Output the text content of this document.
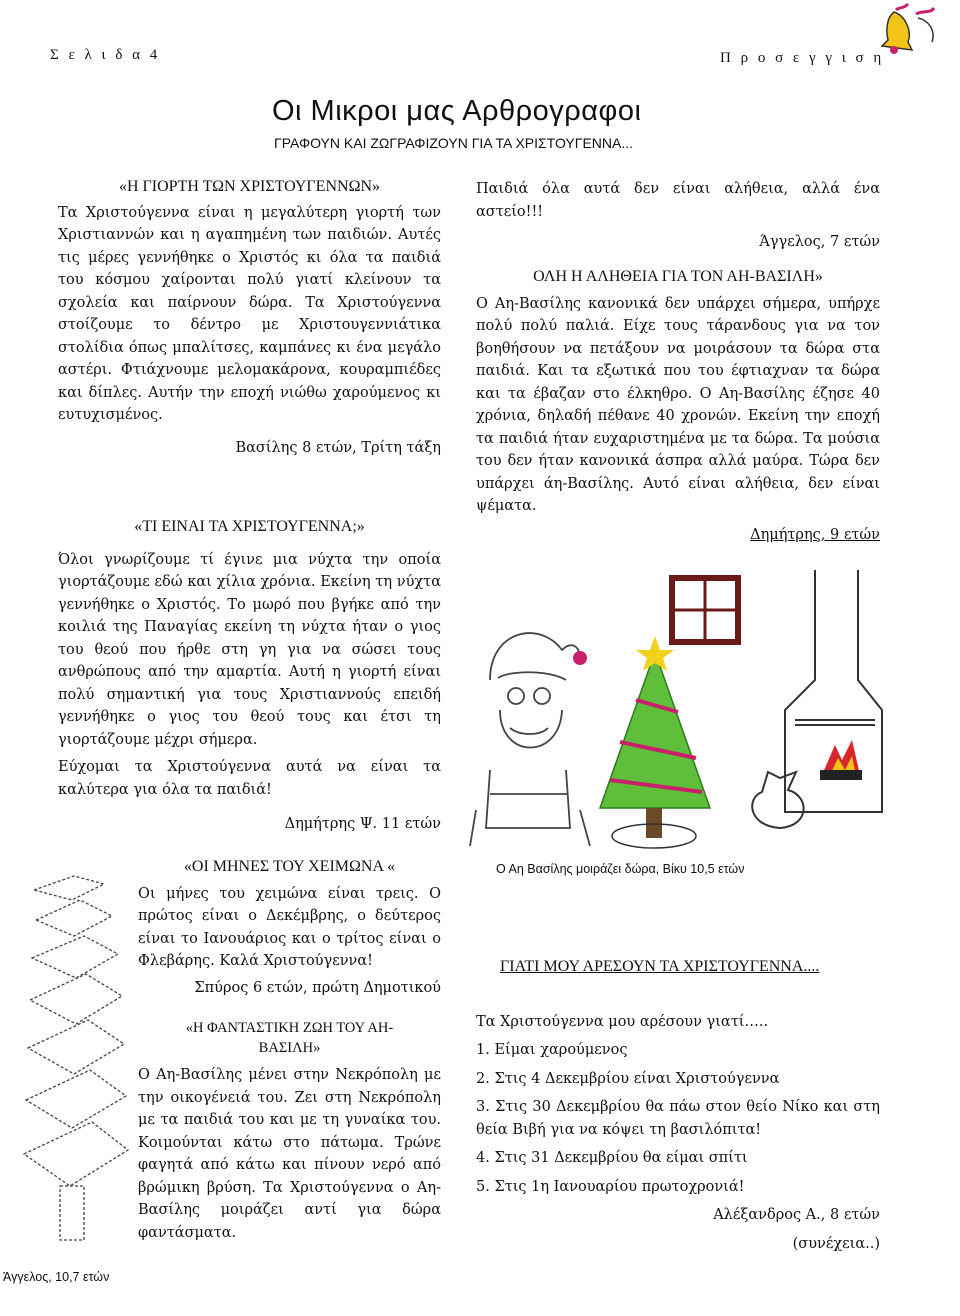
Σ ε λ ι δ α 4	Π ρ ο σ ε γ γ ι σ η
Οι Μικροι μας Αρθρογραφοι
ΓΡΑΦΟΥΝ ΚΑΙ ΖΩΓΡΑΦΙΖΟΥΝ ΓΙΑ ΤΑ ΧΡΙΣΤΟΥΓΕΝΝΑ...
«Η ΓΙΟΡΤΗ ΤΩΝ ΧΡΙΣΤΟΥΓΕΝΝΩΝ»

Τα Χριστούγεννα είναι η μεγαλύτερη γιορτή των Χριστιαννών και η αγαπημένη των παιδιών. Αυτές τις μέρες γεννήθηκε ο Χριστός κι όλα τα παιδιά του κόσμου χαίρονται πολύ γιατί κλείνουν τα σχολεία και παίρνουν δώρα. Τα Χριστούγεννα στοίζουμε το δέντρο με Χριστουγεννιάτικα στολίδια όπως μπαλίτσες, καμπάνες κι ένα μεγάλο αστέρι. Φτιάχνουμε μελομακάρονα, κουραμπιέδες και δίπλες. Αυτήν την εποχή νιώθω χαρούμενος κι ευτυχισμένος.

Βασίλης 8 ετών, Τρίτη τάξη

«ΤΙ ΕΙΝΑΙ ΤΑ ΧΡΙΣΤΟΥΓΕΝΝΑ;»

Όλοι γνωρίζουμε τί έγινε μια νύχτα την οποία γιορτάζουμε εδώ και χίλια χρόνια. Εκείνη τη νύχτα γεννήθηκε ο Χριστός. Το μωρό που βγήκε από την κοιλιά της Παναγίας εκείνη τη νύχτα ήταν ο γιος του θεού που ήρθε στη γη για να σώσει τους ανθρώπους από την αμαρτία. Αυτή η γιορτή είναι πολύ σημαντική για τους Χριστιαννούς επειδή γεννήθηκε ο γιος του θεού τους και έτσι τη γιορτάζουμε μέχρι σήμερα.

Εύχομαι τα Χριστούγεννα αυτά να είναι τα καλύτερα για όλα τα παιδιά!

Δημήτρης Ψ. 11 ετών

Άγγελος, 10,7 ετών
«ΟΙ ΜΗΝΕΣ ΤΟΥ ΧΕΙΜΩΝΑ «

Οι μήνες του χειμώνα είναι τρεις. Ο πρώτος είναι ο Δεκέμβρης, ο δεύτερος είναι το Ιανουάριος και ο τρίτος είναι ο Φλεβάρης. Καλά Χριστούγεννα!

Σπύρος 6 ετών, πρώτη Δημοτικού

«Η ΦΑΝΤΑΣΤΙΚΗ ΖΩΗ ΤΟΥ ΑΗ-
ΒΑΣΙΛΗ»

Ο Αη-Βασίλης μένει στην Νεκρόπολη με την οικογένειά του. Ζει στη Νεκρόπολη με τα παιδιά του και με τη γυναίκα του. Κοιμούνται κάτω στο πάτωμα. Τρώνε φαγητά από κάτω και πίνουν νερό από βρώμικη βρύση. Τα Χριστούγεννα ο Αη-Βασίλης μοιράζει αντί για δώρα φαντάσματα.

Παιδιά όλα αυτά δεν είναι αλήθεια, αλλά ένα αστείο!!!

Άγγελος, 7 ετών

ΟΛΗ Η ΑΛΗΘΕΙΑ ΓΙΑ ΤΟΝ ΑΗ-ΒΑΣΙΛΗ»

Ο Αη-Βασίλης κανονικά δεν υπάρχει σήμερα, υπήρχε πολύ πολύ παλιά. Είχε τους τάρανδους για να τον βοηθήσουν να πετάξουν να μοιράσουν τα δώρα στα παιδιά. Και τα εξωτικά που του έφτιαχναν τα δώρα και τα έβαζαν στο έλκηθρο. Ο Αη-Βασίλης έζησε 40 χρόνια, δηλαδή πέθανε 40 χρονών. Εκείνη την εποχή τα παιδιά ήταν ευχαριστημένα με τα δώρα. Τα μούσια του δεν ήταν κανονικά άσπρα αλλά μαύρα. Τώρα δεν υπάρχει άη-Βασίλης. Αυτό είναι αλήθεια, δεν είναι ψέματα.

Δημήτρης, 9 ετών

Ο Αη Βασίλης μοιράζει δώρα, Βίκυ 10,5 ετών
ΓΙΑΤΙ ΜΟΥ ΑΡΕΣΟΥΝ ΤΑ ΧΡΙΣΤΟΥΓΕΝΝΑ....

Τα Χριστούγεννα μου αρέσουν γιατί…..

1. Είμαι χαρούμενος

2. Στις 4 Δεκεμβρίου είναι Χριστούγεννα

3. Στις 30 Δεκεμβρίου θα πάω στον θείο Νίκο και στη θεία Βιβή για να κόψει τη βασιλόπιτα!

4. Στις 31 Δεκεμβρίου θα είμαι σπίτι

5. Στις 1η Ιανουαρίου πρωτοχρονιά!

Αλέξανδρος Α., 8 ετών

(συνέχεια..)
